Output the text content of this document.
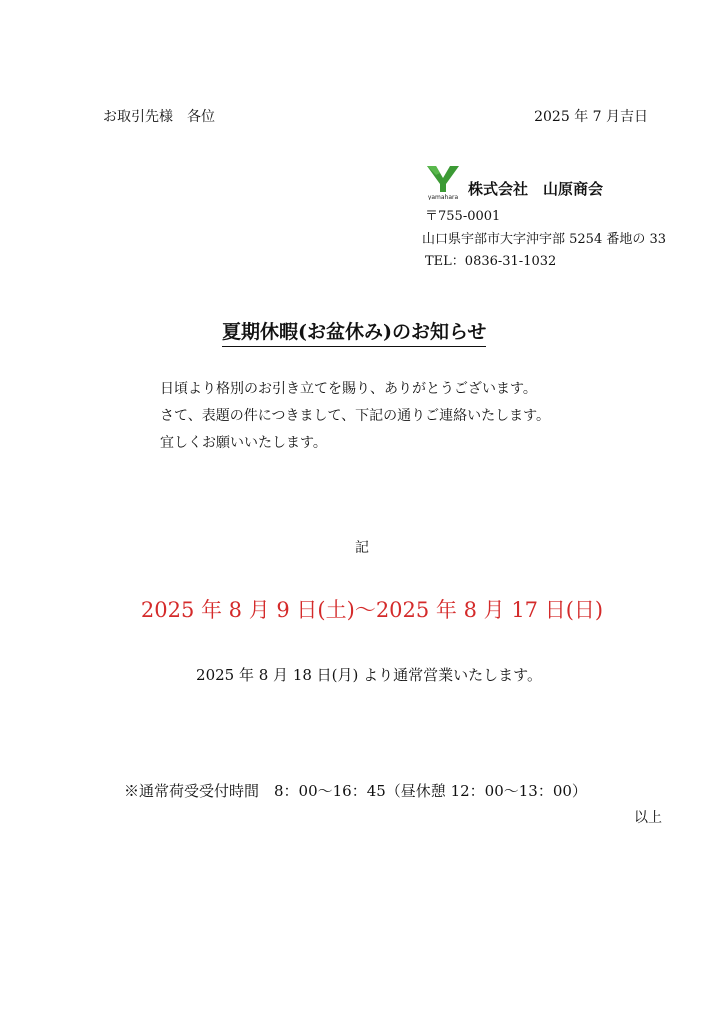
お取引先様　各位	2025 年 7 月吉日
yamahara 株式会社　山原商会
〒755-0001
山口県宇部市大字沖宇部 5254 番地の 33
TEL：0836-31-1032
夏期休暇(お盆休み)のお知らせ
日頃より格別のお引き立てを賜り、ありがとうございます。
さて、表題の件につきまして、下記の通りご連絡いたします。
宜しくお願いいたします。
記
2025 年 8 月 9 日(土)～2025 年 8 月 17 日(日)
2025 年 8 月 18 日(月) より通常営業いたします。
※通常荷受受付時間　8：00～16：45（昼休憩 12：00～13：00）
以上
